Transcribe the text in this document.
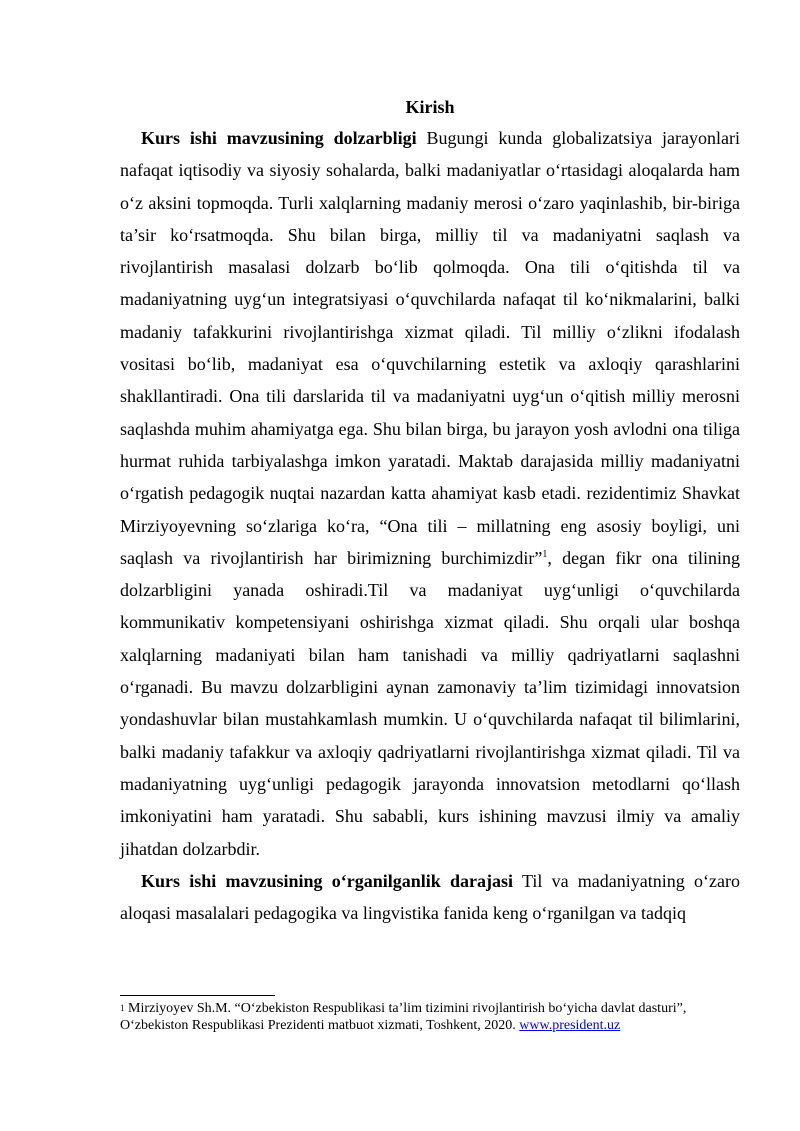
Kirish

Kurs ishi mavzusining dolzarbligi Bugungi kunda globalizatsiya jarayonlari nafaqat iqtisodiy va siyosiy sohalarda, balki madaniyatlar o‘rtasidagi aloqalarda ham o‘z aksini topmoqda. Turli xalqlarning madaniy merosi o‘zaro yaqinlashib, bir-biriga ta’sir ko‘rsatmoqda. Shu bilan birga, milliy til va madaniyatni saqlash va rivojlantirish masalasi dolzarb bo‘lib qolmoqda. Ona tili o‘qitishda til va madaniyatning uyg‘un integratsiyasi o‘quvchilarda nafaqat til ko‘nikmalarini, balki madaniy tafakkurini rivojlantirishga xizmat qiladi. Til milliy o‘zlikni ifodalash vositasi bo‘lib, madaniyat esa o‘quvchilarning estetik va axloqiy qarashlarini shakllantiradi. Ona tili darslarida til va madaniyatni uyg‘un o‘qitish milliy merosni saqlashda muhim ahamiyatga ega. Shu bilan birga, bu jarayon yosh avlodni ona tiliga hurmat ruhida tarbiyalashga imkon yaratadi. Maktab darajasida milliy madaniyatni o‘rgatish pedagogik nuqtai nazardan katta ahamiyat kasb etadi. rezidentimiz Shavkat Mirziyoyevning so‘zlariga ko‘ra, “Ona tili – millatning eng asosiy boyligi, uni saqlash va rivojlantirish har birimizning burchimizdir”$^1$, degan fikr ona tilining dolzarbligini yanada oshiradi.Til va madaniyat uyg‘unligi o‘quvchilarda kommunikativ kompetensiyani oshirishga xizmat qiladi. Shu orqali ular boshqa xalqlarning madaniyati bilan ham tanishadi va milliy qadriyatlarni saqlashni o‘rganadi. Bu mavzu dolzarbligini aynan zamonaviy ta’lim tizimidagi innovatsion yondashuvlar bilan mustahkamlash mumkin. U o‘quvchilarda nafaqat til bilimlarini, balki madaniy tafakkur va axloqiy qadriyatlarni rivojlantirishga xizmat qiladi. Til va madaniyatning uyg‘unligi pedagogik jarayonda innovatsion metodlarni qo‘llash imkoniyatini ham yaratadi. Shu sababli, kurs ishining mavzusi ilmiy va amaliy jihatdan dolzarbdir.

Kurs ishi mavzusining o‘rganilganlik darajasi Til va madaniyatning o‘zaro aloqasi masalalari pedagogika va lingvistika fanida keng o‘rganilgan va tadqiq

$^1$ Mirziyoyev Sh.M. “O‘zbekiston Respublikasi ta’lim tizimini rivojlantirish bo‘yicha davlat dasturi”, O‘zbekiston Respublikasi Prezidenti matbuot xizmati, Toshkent, 2020. www.president.uz
